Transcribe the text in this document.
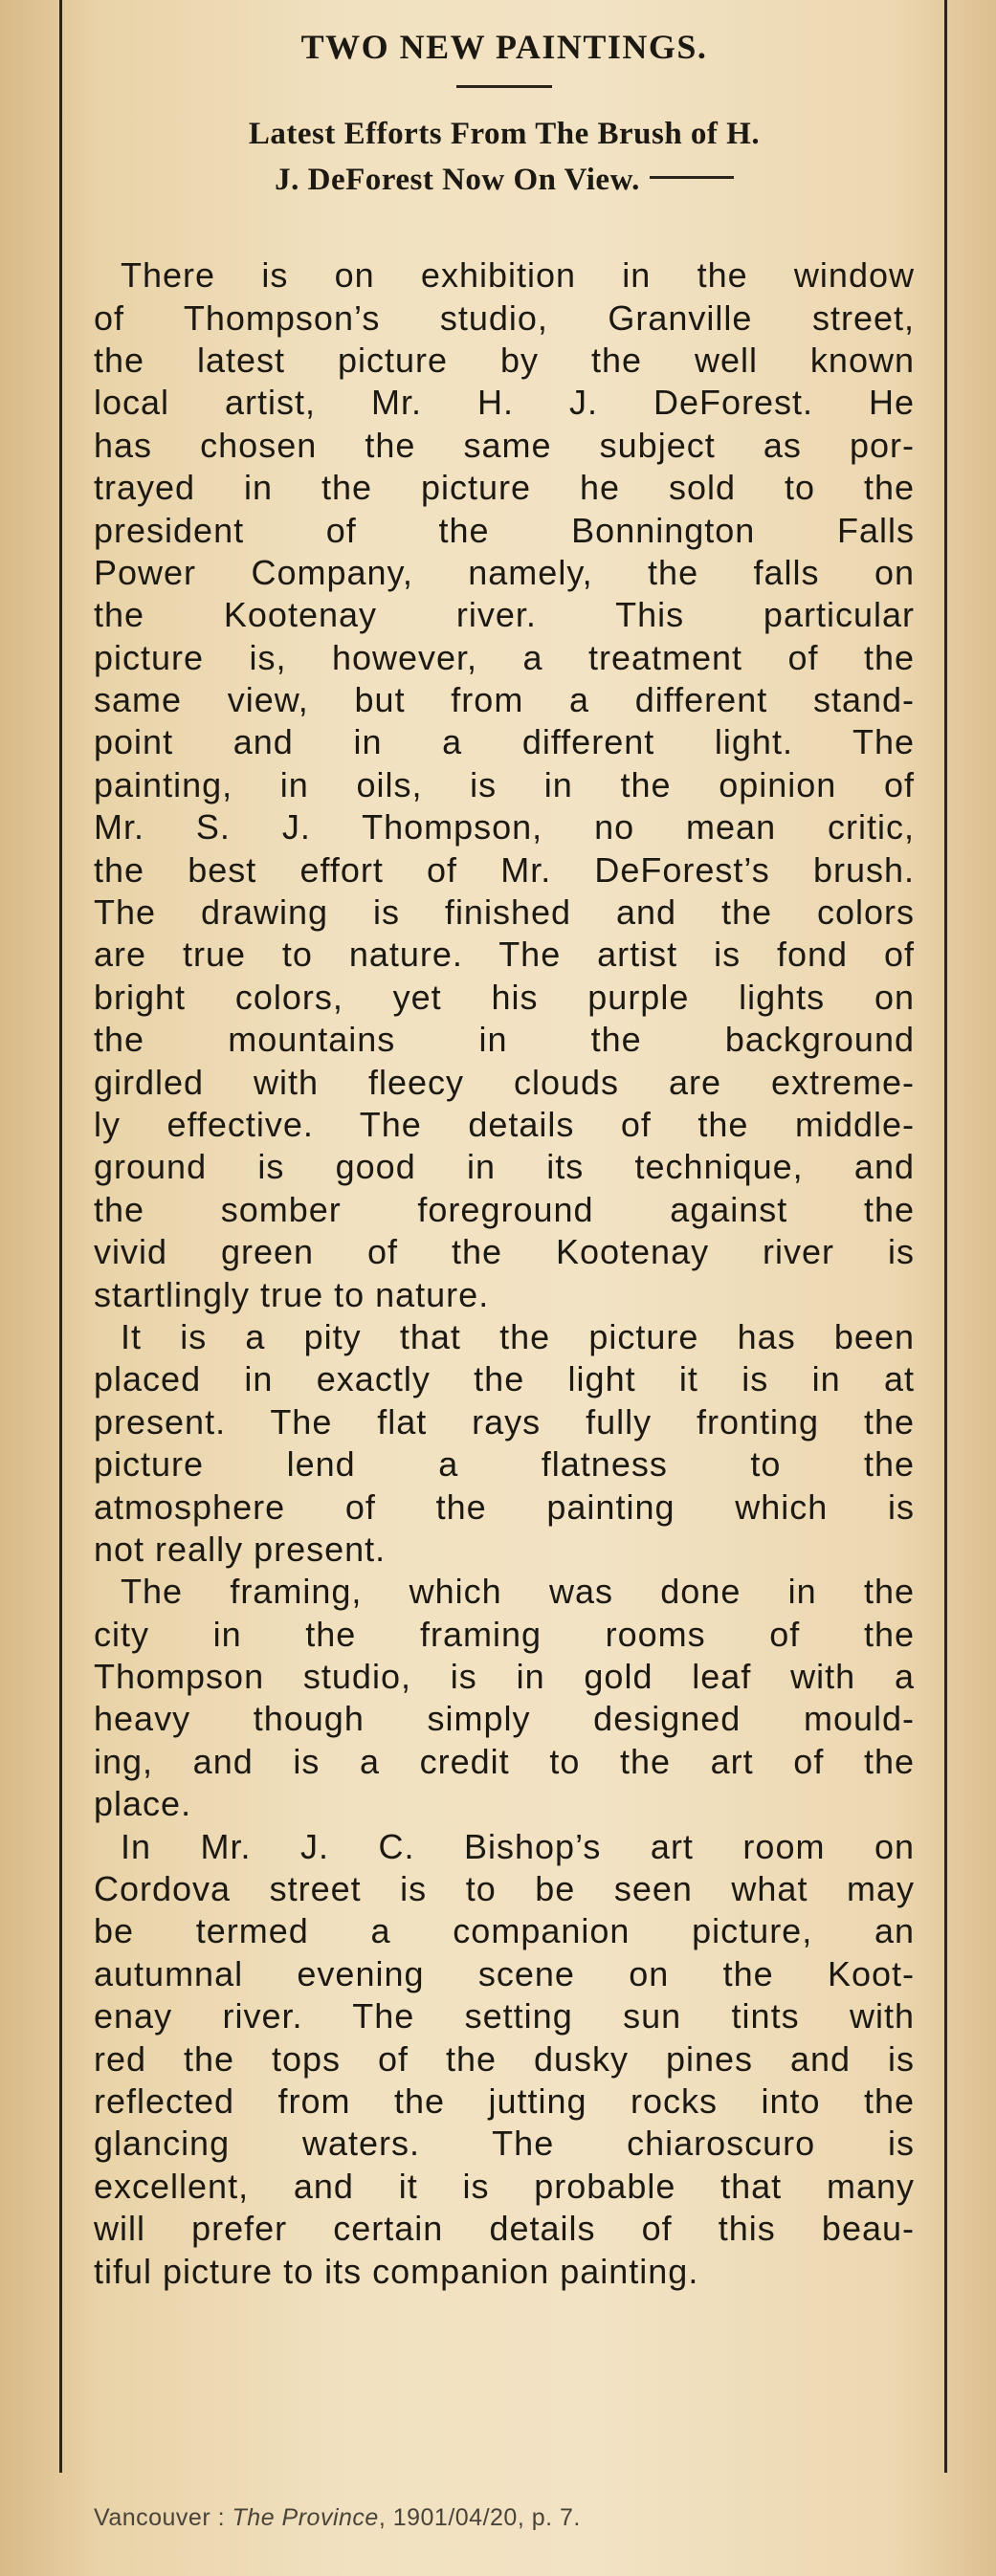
TWO NEW PAINTINGS.
Latest Efforts From The Brush of H.
J. DeForest Now On View.
There is on exhibition in the window
of Thompson’s studio, Granville street,
the latest picture by the well known
local artist, Mr. H. J. DeForest. He
has chosen the same subject as por-
trayed in the picture he sold to the
president of the Bonnington Falls
Power Company, namely, the falls on
the Kootenay river. This particular
picture is, however, a treatment of the
same view, but from a different stand-
point and in a different light. The
painting, in oils, is in the opinion of
Mr. S. J. Thompson, no mean critic,
the best effort of Mr. DeForest’s brush.
The drawing is finished and the colors
are true to nature. The artist is fond of
bright colors, yet his purple lights on
the mountains in the background
girdled with fleecy clouds are extreme-
ly effective. The details of the middle-
ground is good in its technique, and
the somber foreground against the
vivid green of the Kootenay river is
startlingly true to nature.
It is a pity that the picture has been
placed in exactly the light it is in at
present. The flat rays fully fronting the
picture lend a flatness to the
atmosphere of the painting which is
not really present.
The framing, which was done in the
city in the framing rooms of the
Thompson studio, is in gold leaf with a
heavy though simply designed mould-
ing, and is a credit to the art of the
place.
In Mr. J. C. Bishop’s art room on
Cordova street is to be seen what may
be termed a companion picture, an
autumnal evening scene on the Koot-
enay river. The setting sun tints with
red the tops of the dusky pines and is
reflected from the jutting rocks into the
glancing waters. The chiaroscuro is
excellent, and it is probable that many
will prefer certain details of this beau-
tiful picture to its companion painting.
Vancouver : The Province, 1901/04/20, p. 7.
